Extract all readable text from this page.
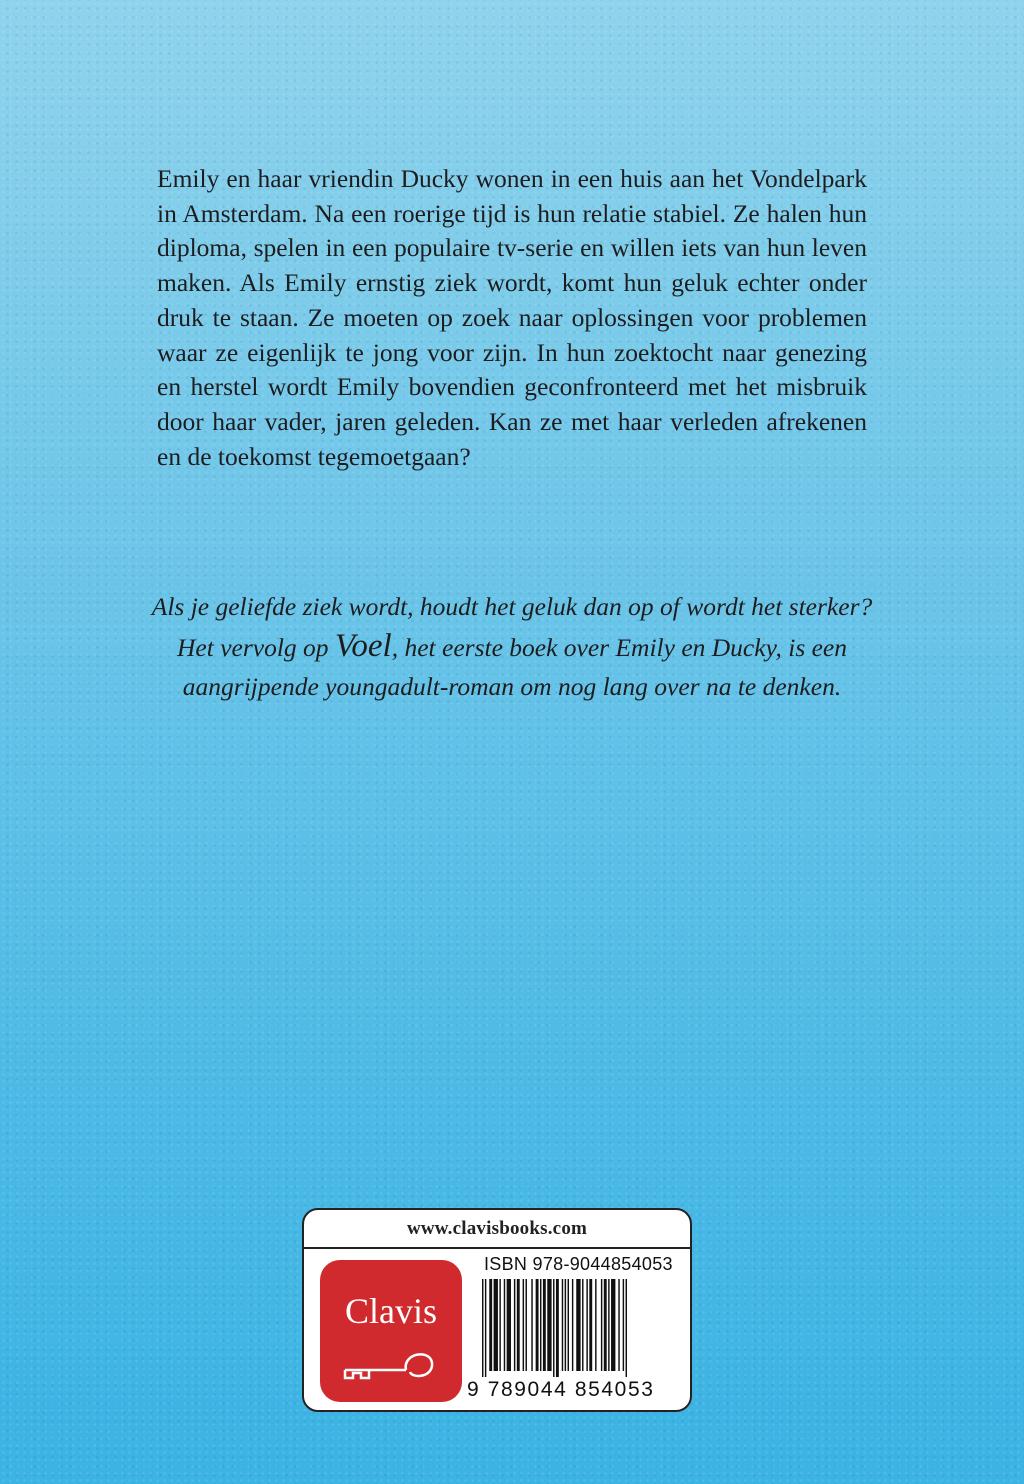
Emily en haar vriendin Ducky wonen in een huis aan het Vondelpark in Amsterdam. Na een roerige tijd is hun relatie stabiel. Ze halen hun diploma, spelen in een populaire tv-serie en willen iets van hun leven maken. Als Emily ernstig ziek wordt, komt hun geluk echter onder druk te staan. Ze moeten op zoek naar oplossingen voor problemen waar ze eigenlijk te jong voor zijn. In hun zoektocht naar genezing en herstel wordt Emily bovendien geconfronteerd met het misbruik door haar vader, jaren geleden. Kan ze met haar verleden afrekenen en de toekomst tegemoetgaan?

Als je geliefde ziek wordt, houdt het geluk dan op of wordt het sterker? Het vervolg op Voel, het eerste boek over Emily en Ducky, is een aangrijpende youngadult-roman om nog lang over na te denken.

www.clavisbooks.com
Clavis
ISBN 978-9044854053
9 789044 854053
